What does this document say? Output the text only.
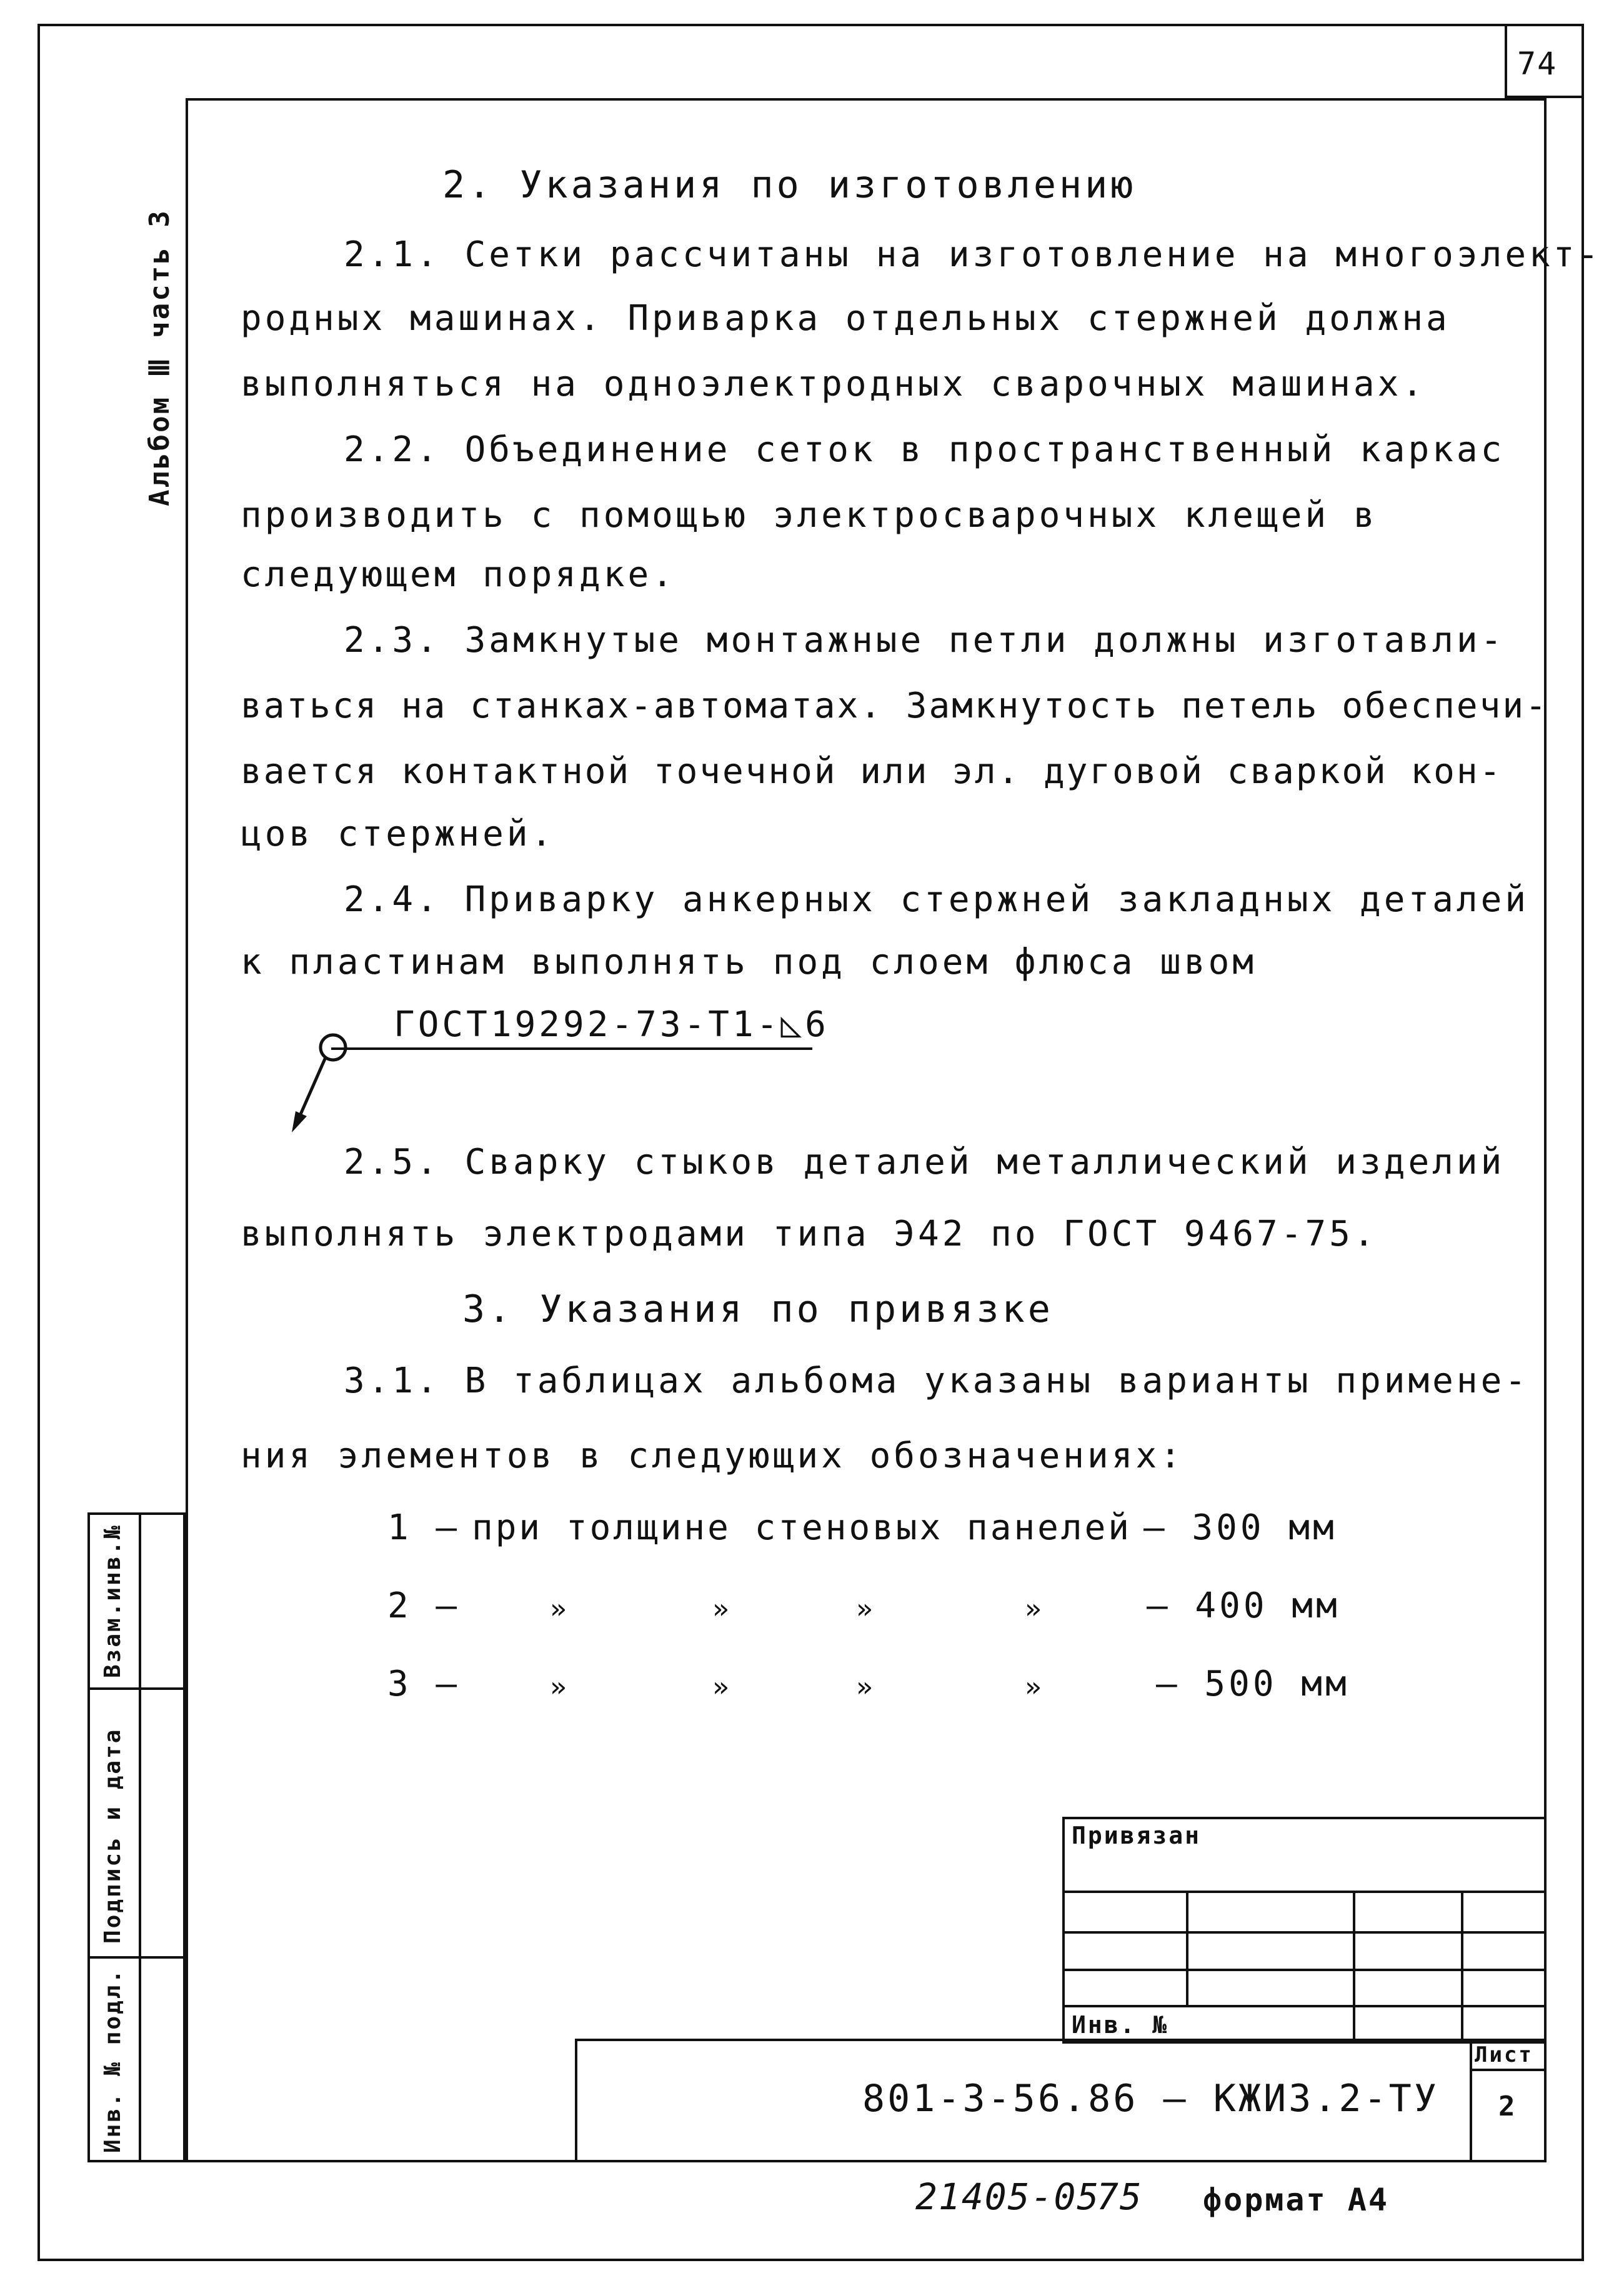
74
Альбом Ⅲ часть 3
Взам.инв.№
Подпись и дата
Инв. № подл.
2. Указания по изготовлению
2.1. Сетки рассчитаны на изготовление на многоэлект-
родных машинах. Приварка отдельных стержней должна
выполняться на одноэлектродных сварочных машинах.
2.2. Объединение сеток в пространственный каркас
производить с помощью электросварочных клещей в
следующем порядке.
2.3. Замкнутые монтажные петли должны изготавли-
ваться на станках-автоматах. Замкнутость петель обеспечи-
вается контактной точечной или эл. дуговой сваркой кон-
цов стержней.
2.4. Приварку анкерных стержней закладных деталей
к пластинам выполнять под слоем флюса швом
ГОСТ19292-73-Т1-◺6
2.5. Сварку стыков деталей металлический изделий
выполнять электродами типа Э42 по ГОСТ 9467-75.
3. Указания по привязке
3.1. В таблицах альбома указаны варианты примене-
ния элементов в следующих обозначениях:
1 — при толщине стеновых панелей — 300 мм
2 —	»	»	»	»	— 400 мм
3 —	»	»	»	»	— 500 мм
Привязан
Инв. №
801-3-56.86 — КЖИ3.2-ТУ
Лист
2
21405-05
75 формат А4
